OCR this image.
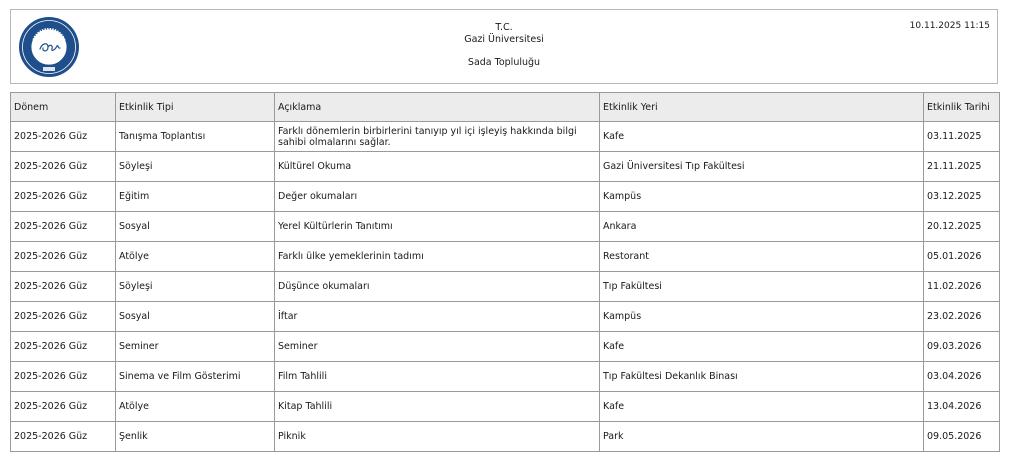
T.C.
Gazi Üniversitesi
Sada Topluluğu
10.11.2025 11:15
Dönem	Etkinlik Tipi	Açıklama	Etkinlik Yeri	Etkinlik Tarihi
2025-2026 Güz	Tanışma Toplantısı	Farklı dönemlerin birbirlerini tanıyıp yıl içi işleyiş hakkında bilgi sahibi olmalarını sağlar.	Kafe	03.11.2025
2025-2026 Güz	Söyleşi	Kültürel Okuma	Gazi Üniversitesi Tıp Fakültesi	21.11.2025
2025-2026 Güz	Eğitim	Değer okumaları	Kampüs	03.12.2025
2025-2026 Güz	Sosyal	Yerel Kültürlerin Tanıtımı	Ankara	20.12.2025
2025-2026 Güz	Atölye	Farklı ülke yemeklerinin tadımı	Restorant	05.01.2026
2025-2026 Güz	Söyleşi	Düşünce okumaları	Tıp Fakültesi	11.02.2026
2025-2026 Güz	Sosyal	İftar	Kampüs	23.02.2026
2025-2026 Güz	Seminer	Seminer	Kafe	09.03.2026
2025-2026 Güz	Sinema ve Film Gösterimi	Film Tahlili	Tıp Fakültesi Dekanlık Binası	03.04.2026
2025-2026 Güz	Atölye	Kitap Tahlili	Kafe	13.04.2026
2025-2026 Güz	Şenlik	Piknik	Park	09.05.2026
